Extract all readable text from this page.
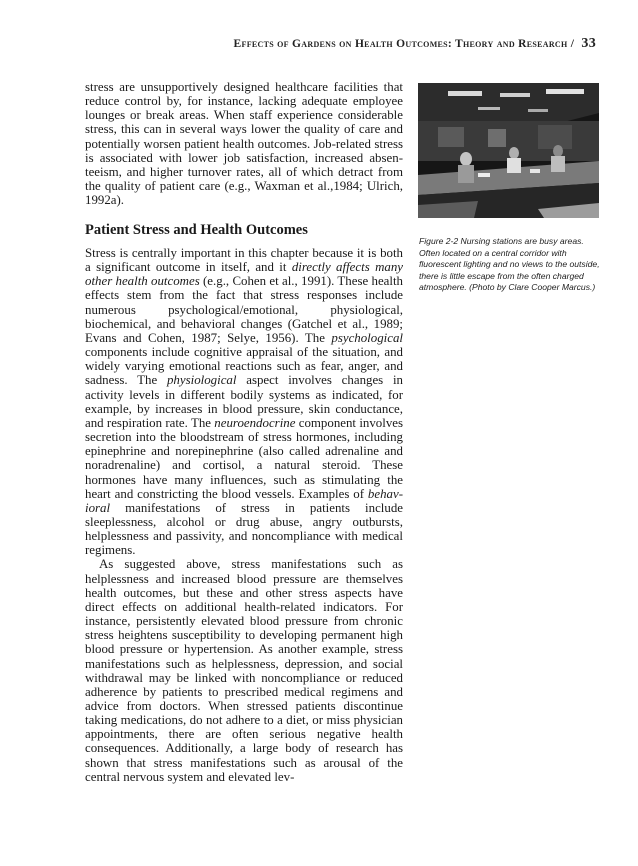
Effects of Gardens on Health Outcomes: Theory and Research / 33

stress are unsupportively designed healthcare facilities that reduce control by, for instance, lacking adequate employee lounges or break areas. When staff experience considerable stress, this can in several ways lower the quality of care and potentially worsen patient health outcomes. Job-related stress is associated with lower job satisfaction, increased absenteeism, and higher turnover rates, all of which detract from the quality of patient care (e.g., Waxman et al.,1984; Ulrich, 1992a).

Patient Stress and Health Outcomes

Stress is centrally important in this chapter because it is both a significant outcome in itself, and it directly affects many other health outcomes (e.g., Cohen et al., 1991). These health effects stem from the fact that stress responses include numerous psychological/emotional, physiological, biochemical, and behavioral changes (Gatchel et al., 1989; Evans and Cohen, 1987; Selye, 1956). The psychological components include cognitive appraisal of the situation, and widely varying emotional reactions such as fear, anger, and sadness. The physiological aspect involves changes in activity levels in different bodily systems as indicated, for example, by increases in blood pressure, skin conductance, and respiration rate. The neuroendocrine component involves secretion into the bloodstream of stress hormones, including epinephrine and norepinephrine (also called adrenaline and noradrenaline) and cortisol, a natural steroid. These hormones have many influences, such as stimulating the heart and constricting the blood vessels. Examples of behavioral manifestations of stress in patients include sleeplessness, alcohol or drug abuse, angry outbursts, helplessness and passivity, and noncompliance with medical regimens.

As suggested above, stress manifestations such as helplessness and increased blood pressure are themselves health outcomes, but these and other stress aspects have direct effects on additional health-related indicators. For instance, persistently elevated blood pressure from chronic stress heightens susceptibility to developing permanent high blood pressure or hypertension. As another example, stress manifestations such as helplessness, depression, and social withdrawal may be linked with noncompliance or reduced adherence by patients to prescribed medical regimens and advice from doctors. When stressed patients discontinue taking medications, do not adhere to a diet, or miss physician appointments, there are often serious negative health consequences. Additionally, a large body of research has shown that stress manifestations such as arousal of the central nervous system and elevated lev-

Figure 2-2 Nursing stations are busy areas. Often located on a central corridor with fluorescent lighting and no views to the outside, there is little escape from the often charged atmosphere. (Photo by Clare Cooper Marcus.)
